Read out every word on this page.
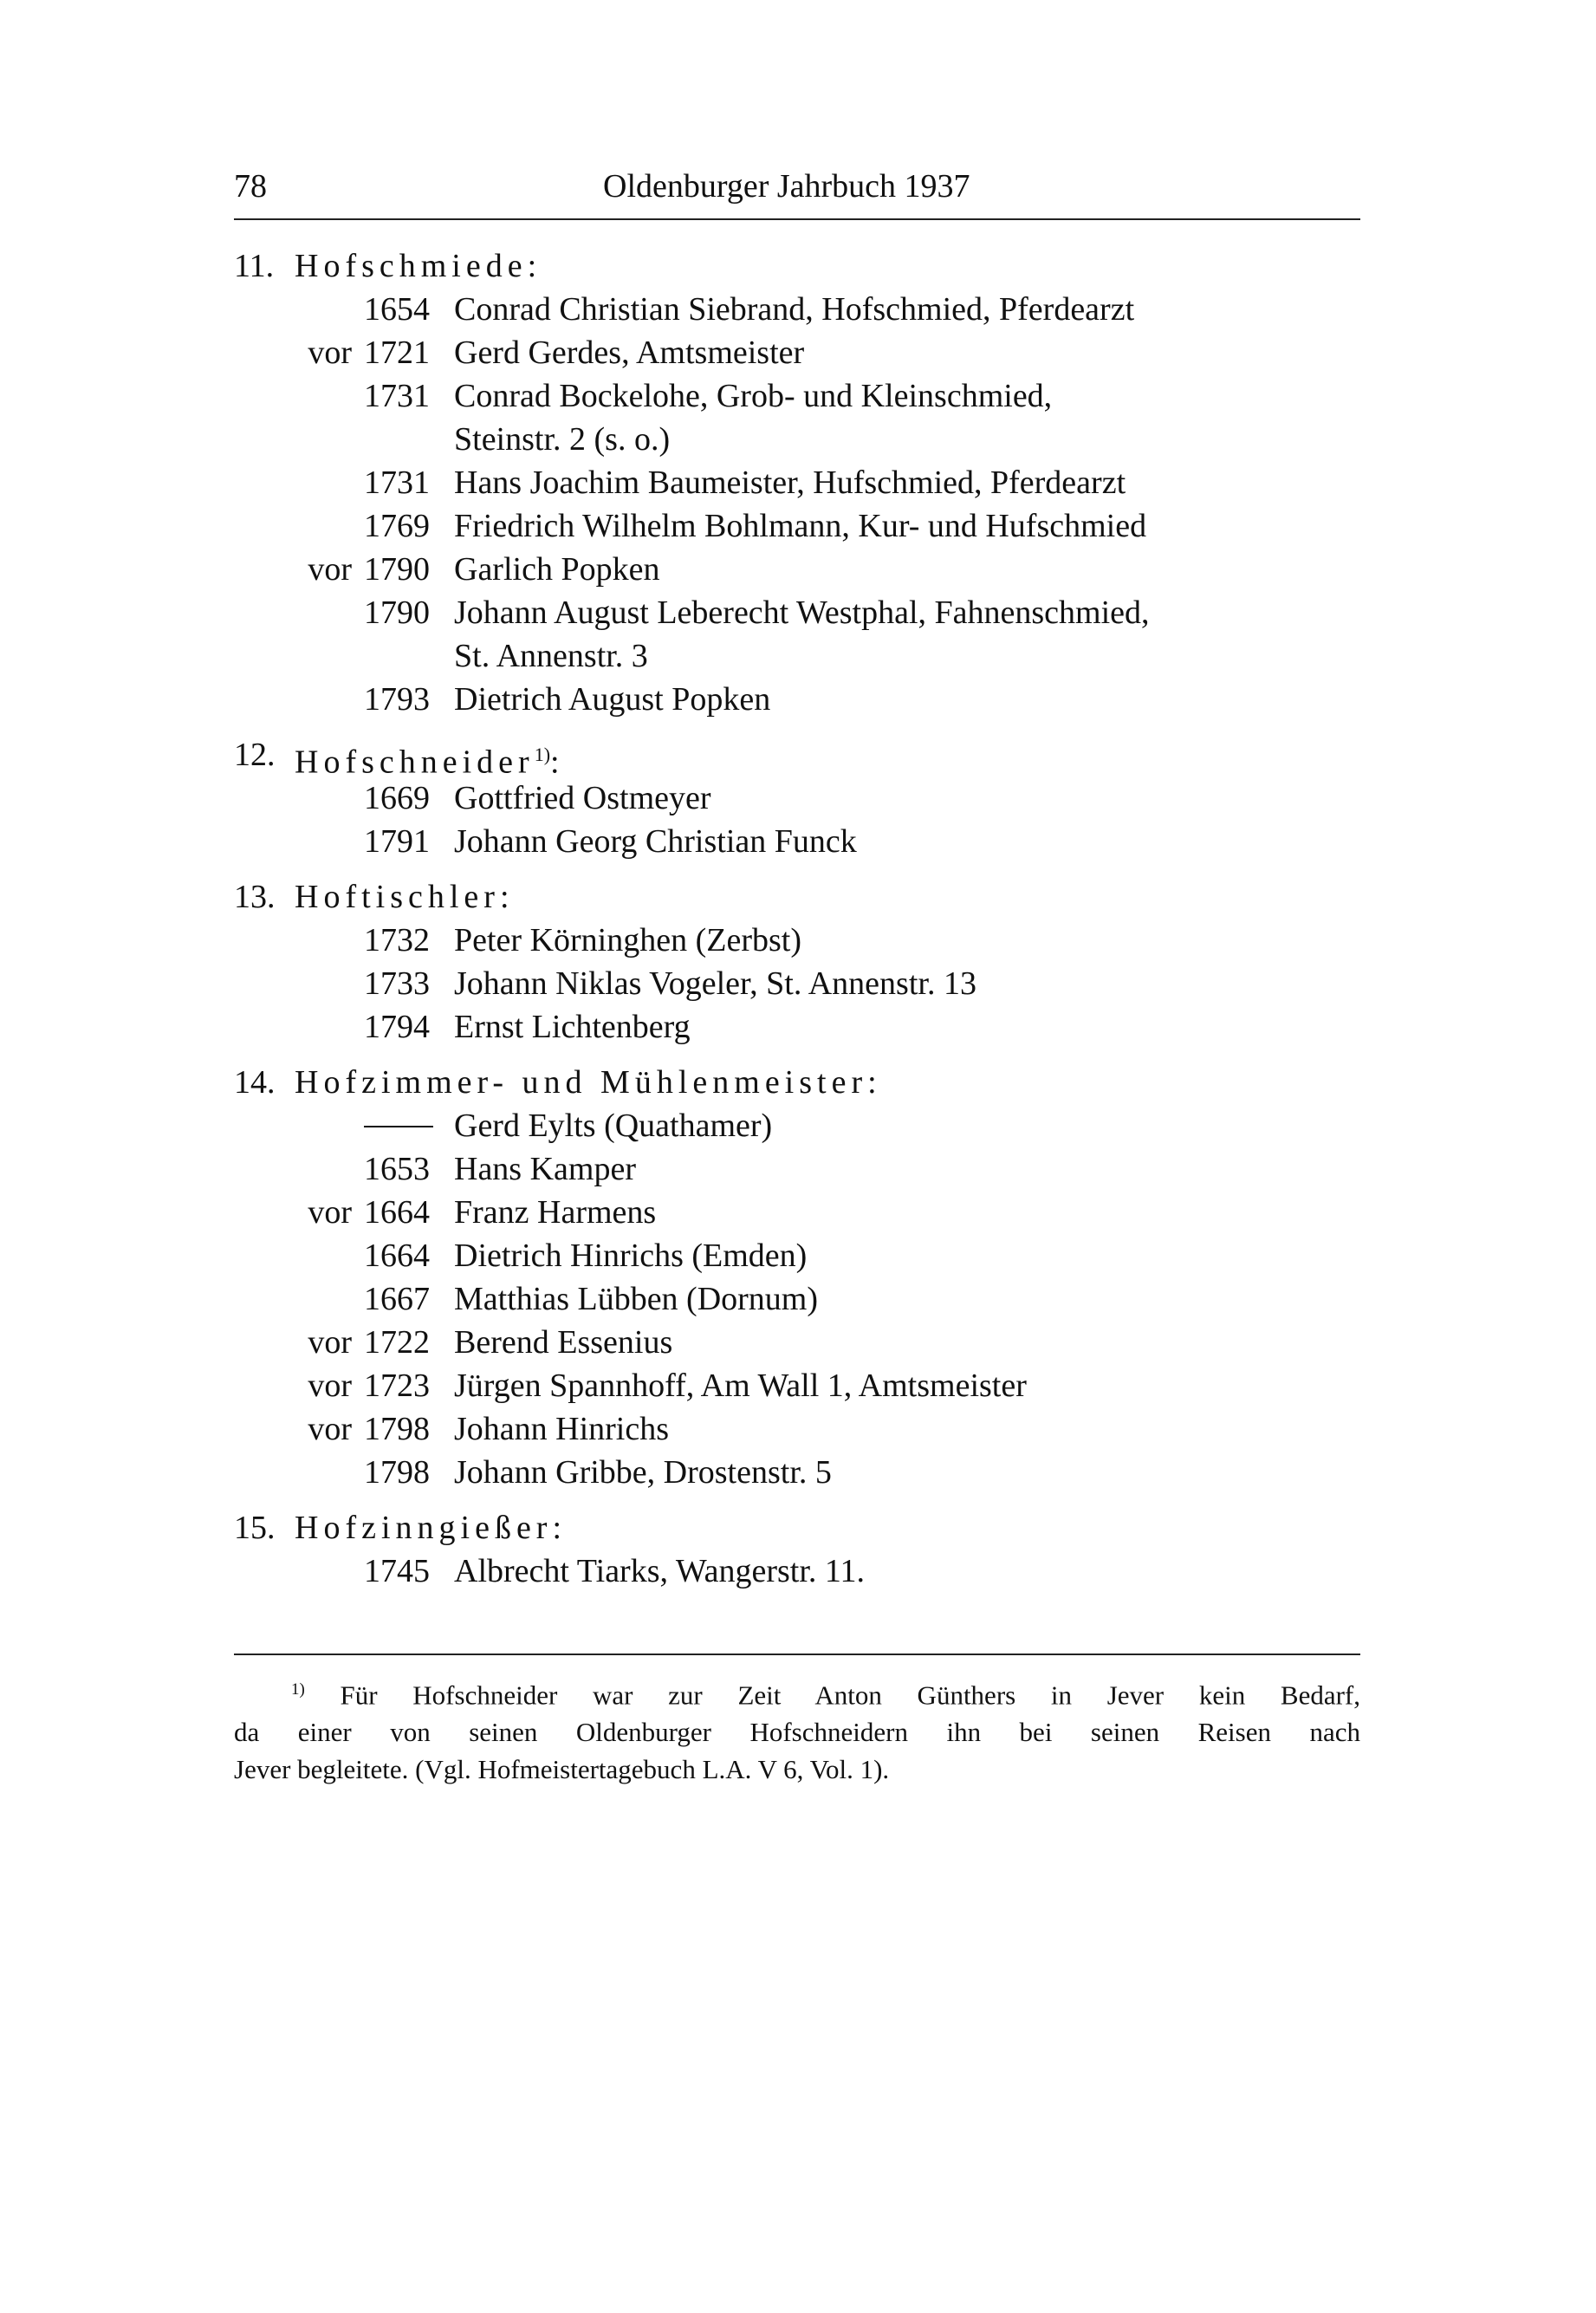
78	Oldenburger Jahrbuch 1937
11. Hofschmiede:
1654 Conrad Christian Siebrand, Hofschmied, Pferdearzt
vor 1721 Gerd Gerdes, Amtsmeister
1731 Conrad Bockelohe, Grob- und Kleinschmied,
Steinstr. 2 (s. o.)
1731 Hans Joachim Baumeister, Hufschmied, Pferdearzt
1769 Friedrich Wilhelm Bohlmann, Kur- und Hufschmied
vor 1790 Garlich Popken
1790 Johann August Leberecht Westphal, Fahnenschmied,
St. Annenstr. 3
1793 Dietrich August Popken
12. Hofschneider$^{1)}$:
1669 Gottfried Ostmeyer
1791 Johann Georg Christian Funck
13. Hoftischler:
1732 Peter Körninghen (Zerbst)
1733 Johann Niklas Vogeler, St. Annenstr. 13
1794 Ernst Lichtenberg
14. Hofzimmer- und Mühlenmeister:
Gerd Eylts (Quathamer)
1653 Hans Kamper
vor 1664 Franz Harmens
1664 Dietrich Hinrichs (Emden)
1667 Matthias Lübben (Dornum)
vor 1722 Berend Essenius
vor 1723 Jürgen Spannhoff, Am Wall 1, Amtsmeister
vor 1798 Johann Hinrichs
1798 Johann Gribbe, Drostenstr. 5
15. Hofzinngießer:
1745 Albrecht Tiarks, Wangerstr. 11.
$^{1)}$ Für Hofschneider war zur Zeit Anton Günthers in Jever kein Bedarf,
da einer von seinen Oldenburger Hofschneidern ihn bei seinen Reisen nach
Jever begleitete. (Vgl. Hofmeistertagebuch L.A. V 6, Vol. 1).
